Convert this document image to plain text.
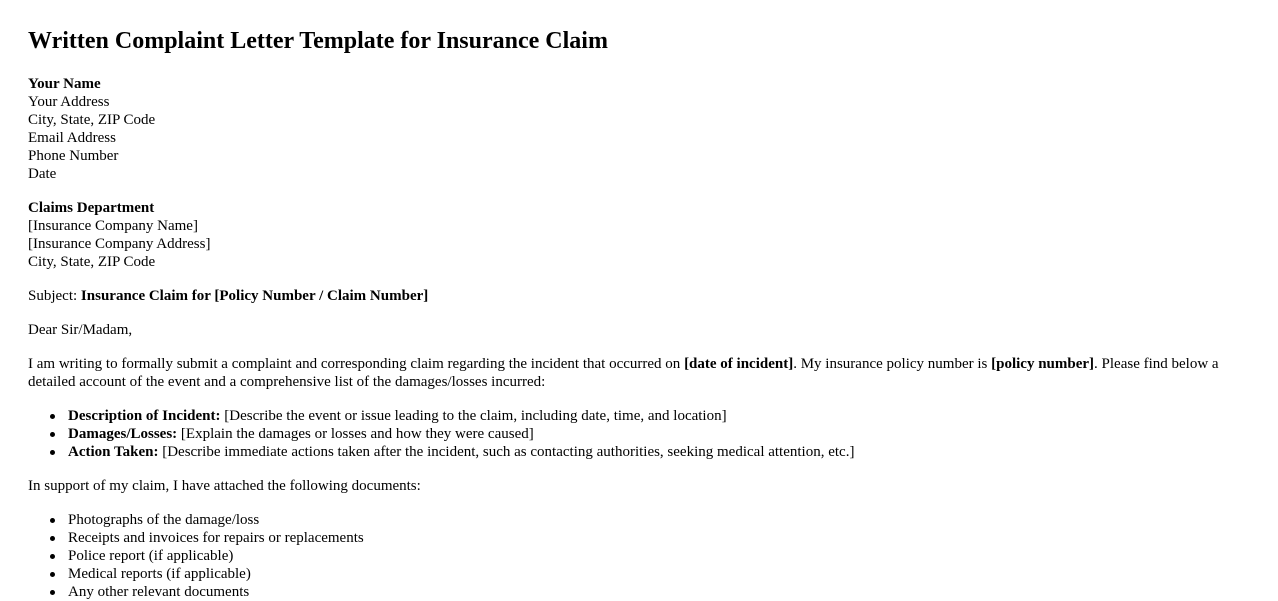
Written Complaint Letter Template for Insurance Claim
Your Name
Your Address
City, State, ZIP Code
Email Address
Phone Number
Date
Claims Department
[Insurance Company Name]
[Insurance Company Address]
City, State, ZIP Code

Subject: Insurance Claim for [Policy Number / Claim Number]

Dear Sir/Madam,

I am writing to formally submit a complaint and corresponding claim regarding the incident that occurred on [date of incident]. My insurance policy number is [policy number]. Please find below a detailed account of the event and a comprehensive list of the damages/losses incurred:

Description of Incident: [Describe the event or issue leading to the claim, including date, time, and location]
Damages/Losses: [Explain the damages or losses and how they were caused]
Action Taken: [Describe immediate actions taken after the incident, such as contacting authorities, seeking medical attention, etc.]

In support of my claim, I have attached the following documents:

Photographs of the damage/loss
Receipts and invoices for repairs or replacements
Police report (if applicable)
Medical reports (if applicable)
Any other relevant documents
